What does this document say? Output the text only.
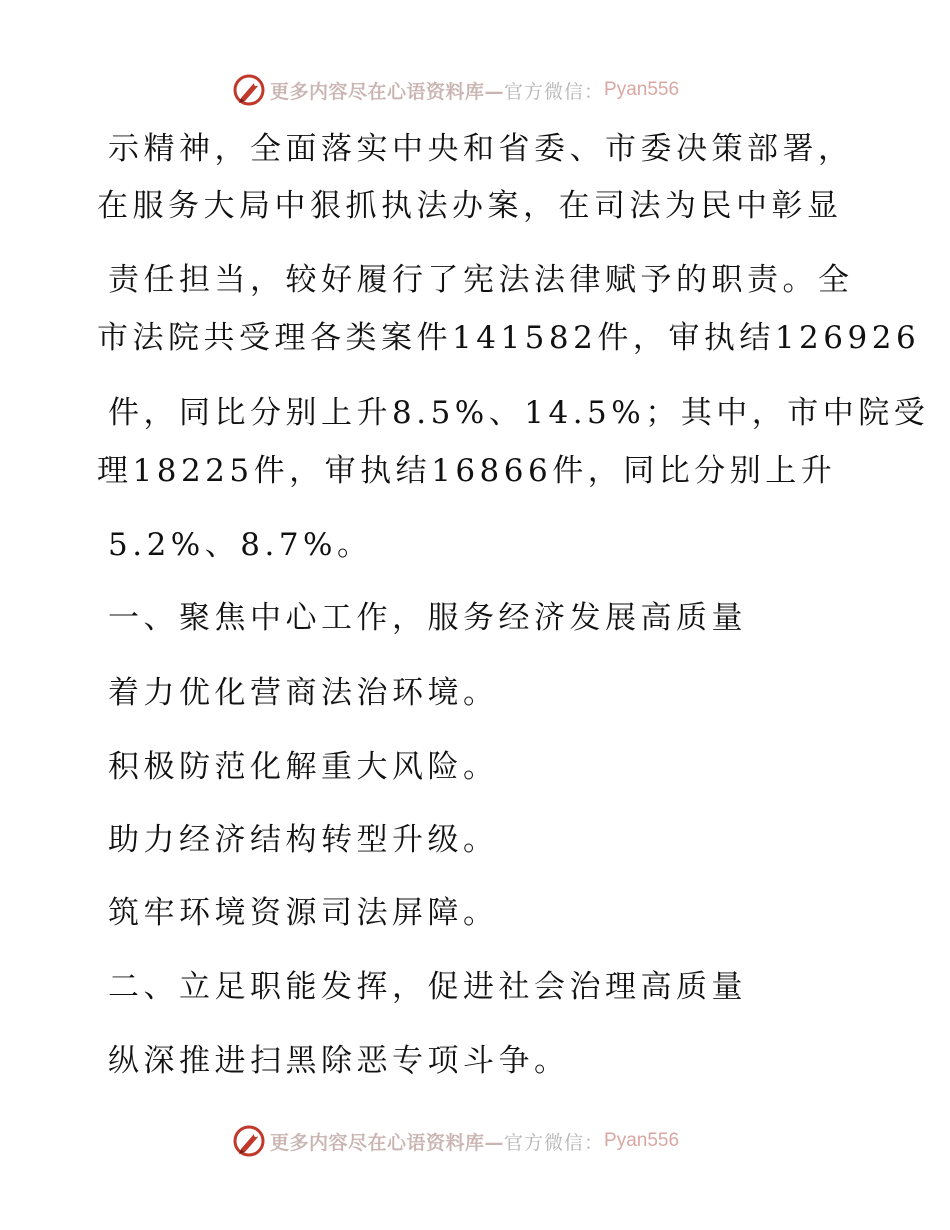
更多内容尽在心语资料库— 官方微信： Pyan556
示精神，全面落实中央和省委、市委决策部署，
在服务大局中狠抓执法办案，在司法为民中彰显
责任担当，较好履行了宪法法律赋予的职责。全
市法院共受理各类案件141582件，审执结126926
件，同比分别上升8.5%、14.5%；其中，市中院受
理18225件，审执结16866件，同比分别上升
5.2%、8.7%。
一、聚焦中心工作，服务经济发展高质量
着力优化营商法治环境。
积极防范化解重大风险。
助力经济结构转型升级。
筑牢环境资源司法屏障。
二、立足职能发挥，促进社会治理高质量
纵深推进扫黑除恶专项斗争。
更多内容尽在心语资料库— 官方微信： Pyan556
